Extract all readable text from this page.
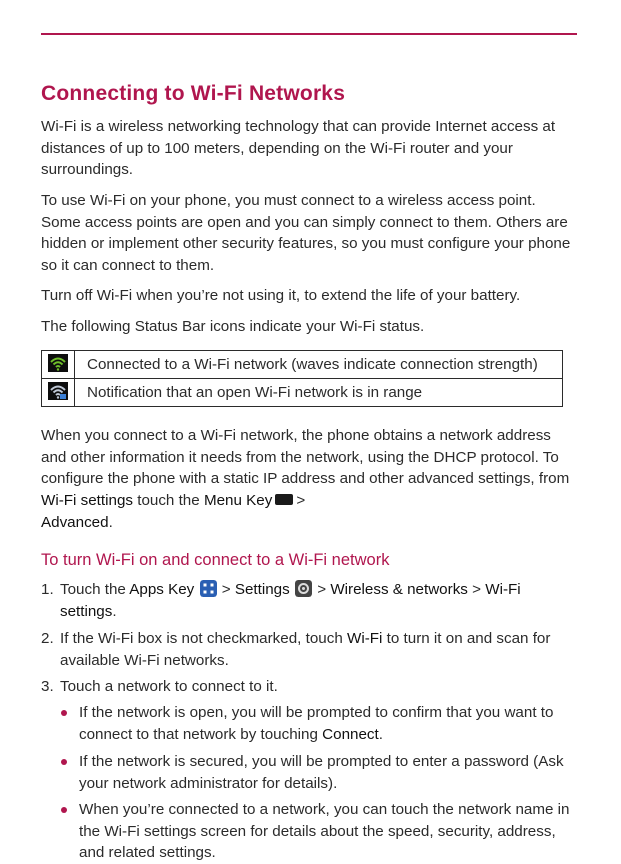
Connecting to Wi-Fi Networks

Wi-Fi is a wireless networking technology that can provide Internet access at distances of up to 100 meters, depending on the Wi-Fi router and your surroundings.

To use Wi-Fi on your phone, you must connect to a wireless access point. Some access points are open and you can simply connect to them. Others are hidden or implement other security features, so you must configure your phone so it can connect to them.

Turn off Wi-Fi when you’re not using it, to extend the life of your battery.

The following Status Bar icons indicate your Wi-Fi status.

	Connected to a Wi-Fi network (waves indicate connection strength)
	Notification that an open Wi-Fi network is in range

When you connect to a Wi-Fi network, the phone obtains a network address and other information it needs from the network, using the DHCP protocol. To configure the phone with a static IP address and other advanced settings, from Wi-Fi settings touch the Menu Key >
Advanced.

To turn Wi-Fi on and connect to a Wi-Fi network
1. Touch the Apps Key > Settings > Wireless & networks > Wi-Fi settings.
2. If the Wi-Fi box is not checkmarked, touch Wi-Fi to turn it on and scan for available Wi-Fi networks.
3. Touch a network to connect to it.
If the network is open, you will be prompted to confirm that you want to connect to that network by touching Connect.
If the network is secured, you will be prompted to enter a password (Ask your network administrator for details).
When you’re connected to a network, you can touch the network name in the Wi-Fi settings screen for details about the speed, security, address, and related settings.
